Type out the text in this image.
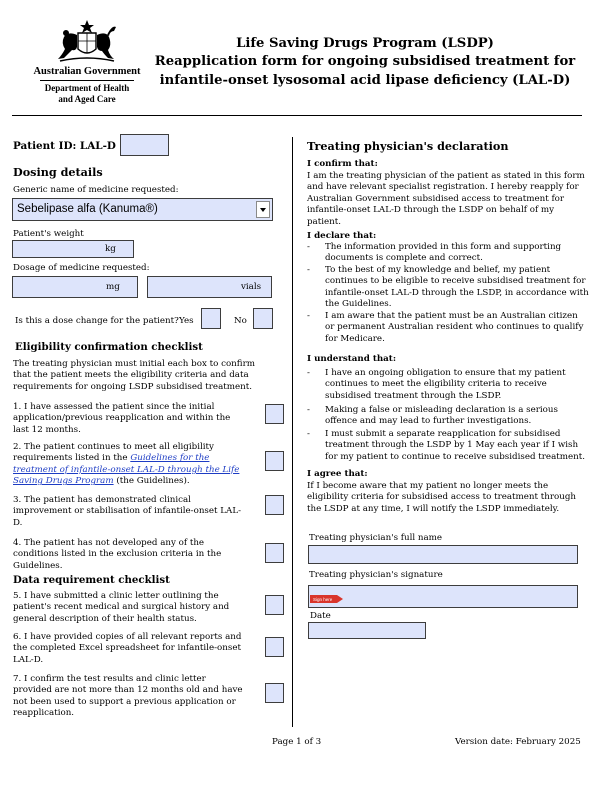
Australian Government
Department of Health
and Aged Care
Life Saving Drugs Program (LSDP)
Reapplication form for ongoing subsidised treatment for
infantile-onset lysosomal acid lipase deficiency (LAL-D)
Patient ID: LAL-D
Dosing details
Generic name of medicine requested:
Sebelipase alfa (Kanuma®)
Patient's weight
kg
Dosage of medicine requested:
mg	vials
Is this a dose change for the patient? Yes	No
Eligibility confirmation checklist
The treating physician must initial each box to confirm that the patient meets the eligibility criteria and data requirements for ongoing LSDP subsidised treatment.
1. I have assessed the patient since the initial application/previous reapplication and within the last 12 months.
2. The patient continues to meet all eligibility requirements listed in the Guidelines for the treatment of infantile-onset LAL-D through the Life Saving Drugs Program (the Guidelines).
3. The patient has demonstrated clinical improvement or stabilisation of infantile-onset LAL-D.
4. The patient has not developed any of the conditions listed in the exclusion criteria in the Guidelines.
Data requirement checklist
5. I have submitted a clinic letter outlining the patient's recent medical and surgical history and general description of their health status.
6. I have provided copies of all relevant reports and the completed Excel spreadsheet for infantile-onset LAL-D.
7. I confirm the test results and clinic letter provided are not more than 12 months old and have not been used to support a previous application or reapplication.
Treating physician's declaration
I confirm that:
I am the treating physician of the patient as stated in this form and have relevant specialist registration. I hereby reapply for Australian Government subsidised access to treatment for infantile-onset LAL-D through the LSDP on behalf of my patient.
I declare that:
-	The information provided in this form and supporting documents is complete and correct.
-	To the best of my knowledge and belief, my patient continues to be eligible to receive subsidised treatment for infantile-onset LAL-D through the LSDP, in accordance with the Guidelines.
-	I am aware that the patient must be an Australian citizen or permanent Australian resident who continues to qualify for Medicare.
I understand that:
-	I have an ongoing obligation to ensure that my patient continues to meet the eligibility criteria to receive subsidised treatment through the LSDP.
-	Making a false or misleading declaration is a serious offence and may lead to further investigations.
-	I must submit a separate reapplication for subsidised treatment through the LSDP by 1 May each year if I wish for my patient to continue to receive subsidised treatment.
I agree that:
If I become aware that my patient no longer meets the eligibility criteria for subsidised access to treatment through the LSDP at any time, I will notify the LSDP immediately.
Treating physician's full name
Treating physician's signature
Sign here
Date
Page 1 of 3	Version date: February 2025
